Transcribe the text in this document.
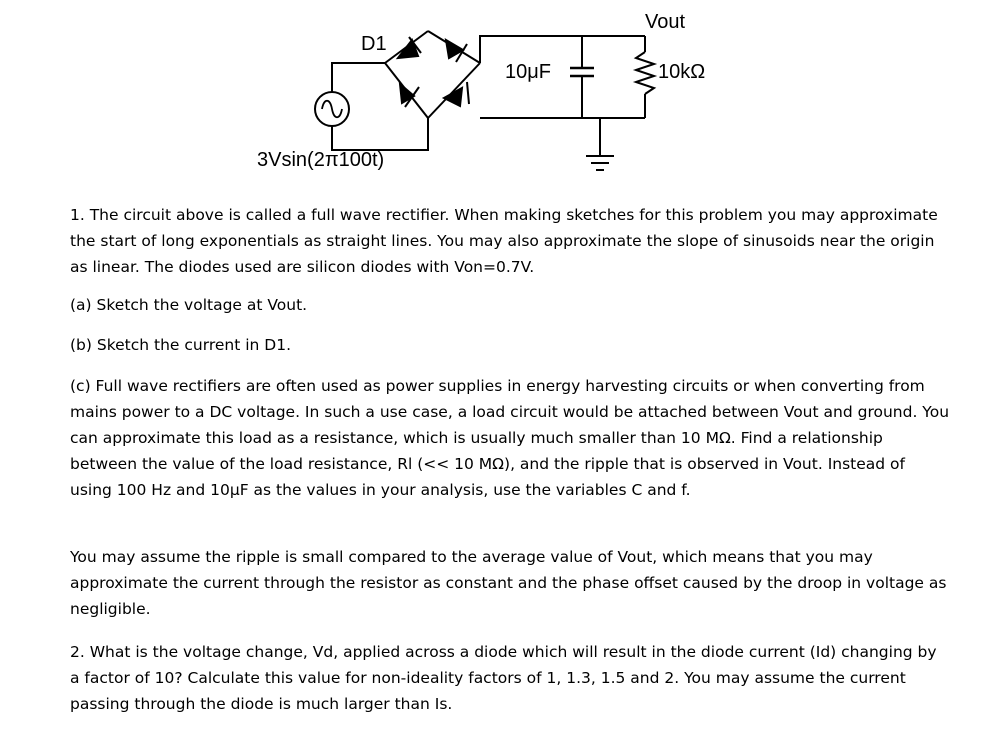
D1
Vout
10μF	10kΩ
3Vsin(2π100t)

1. The circuit above is called a full wave rectifier. When making sketches for this problem you may approximate the start of long exponentials as straight lines. You may also approximate the slope of sinusoids near the origin as linear. The diodes used are silicon diodes with Von=0.7V.

(a) Sketch the voltage at Vout.

(b) Sketch the current in D1.

(c) Full wave rectifiers are often used as power supplies in energy harvesting circuits or when converting from mains power to a DC voltage. In such a use case, a load circuit would be attached between Vout and ground. You can approximate this load as a resistance, which is usually much smaller than 10 MΩ. Find a relationship between the value of the load resistance, Rl (<< 10 MΩ), and the ripple that is observed in Vout. Instead of using 100 Hz and 10μF as the values in your analysis, use the variables C and f.

You may assume the ripple is small compared to the average value of Vout, which means that you may approximate the current through the resistor as constant and the phase offset caused by the droop in voltage as negligible.

2. What is the voltage change, Vd, applied across a diode which will result in the diode current (Id) changing by a factor of 10? Calculate this value for non-ideality factors of 1, 1.3, 1.5 and 2. You may assume the current passing through the diode is much larger than Is.
